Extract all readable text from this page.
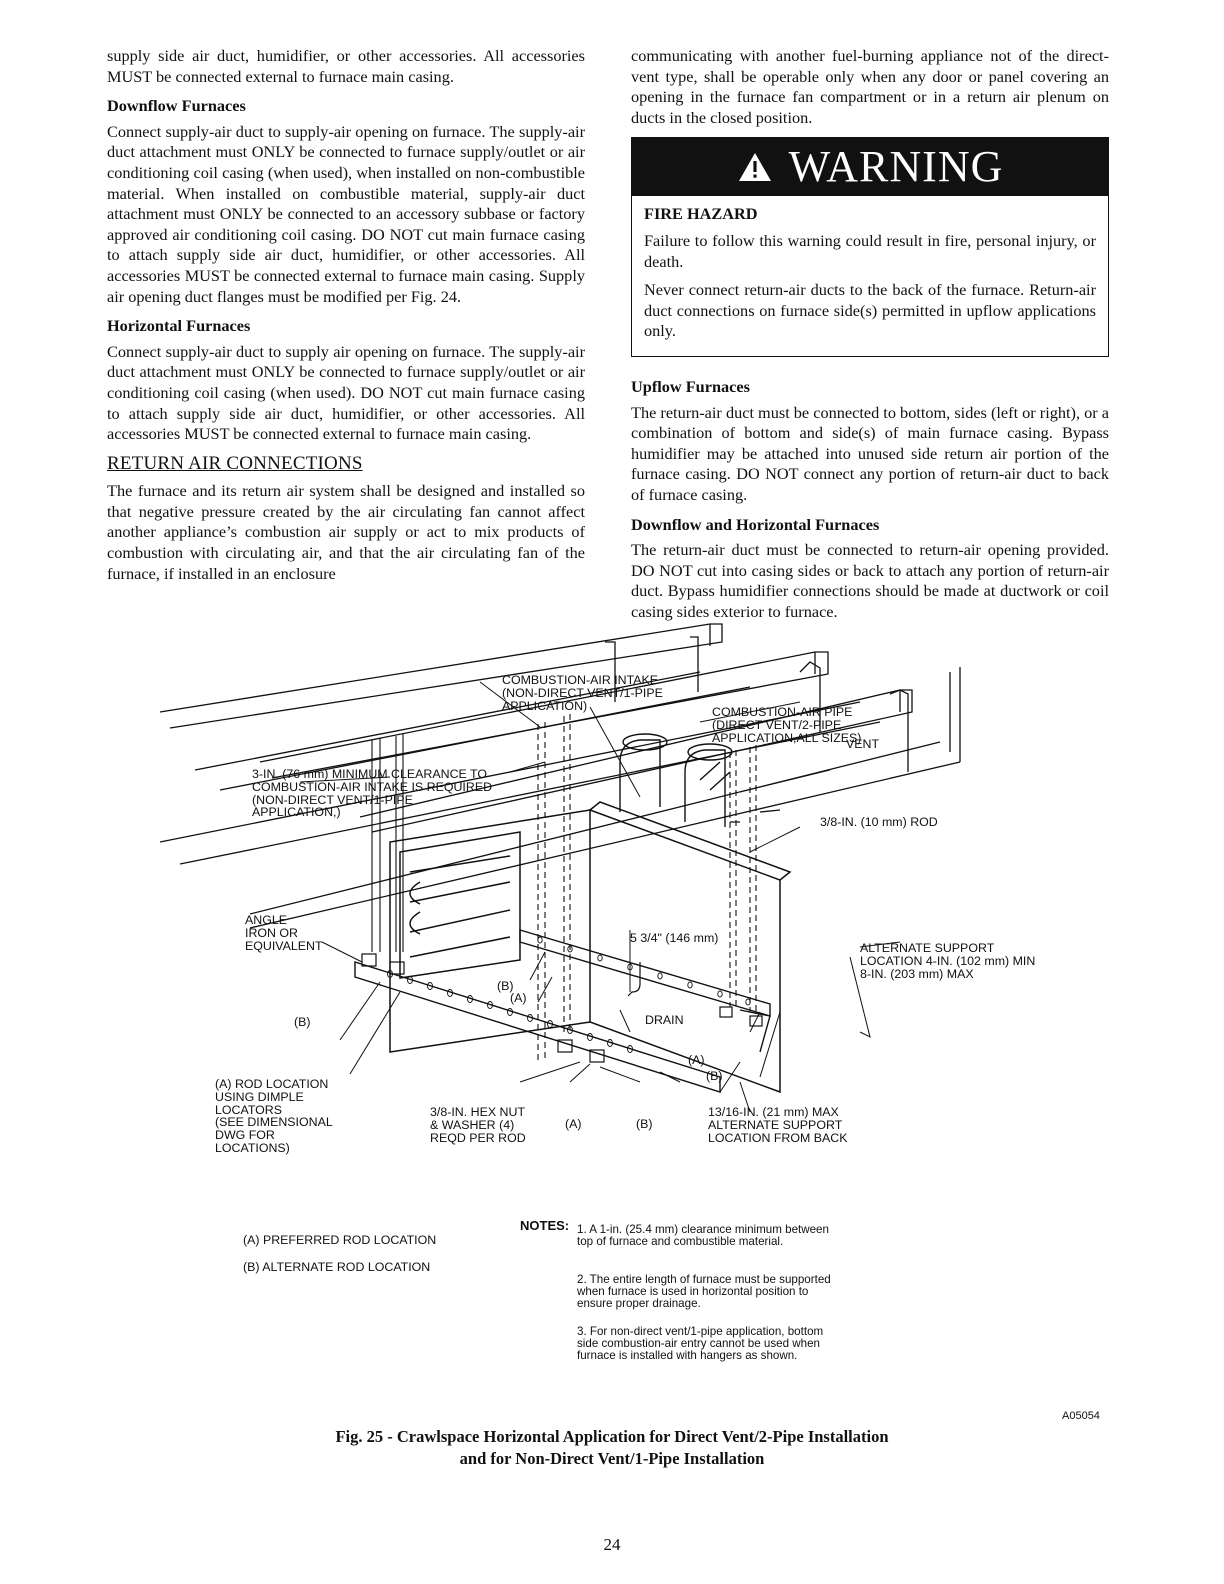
supply side air duct, humidifier, or other accessories. All accessories MUST be connected external to furnace main casing.

Downflow Furnaces

Connect supply-air duct to supply-air opening on furnace. The supply-air duct attachment must ONLY be connected to furnace supply/outlet or air conditioning coil casing (when used), when installed on non-combustible material. When installed on combustible material, supply-air duct attachment must ONLY be connected to an accessory subbase or factory approved air conditioning coil casing. DO NOT cut main furnace casing to attach supply side air duct, humidifier, or other accessories. All accessories MUST be connected external to furnace main casing. Supply air opening duct flanges must be modified per Fig. 24.

Horizontal Furnaces

Connect supply-air duct to supply air opening on furnace. The supply-air duct attachment must ONLY be connected to furnace supply/outlet or air conditioning coil casing (when used). DO NOT cut main furnace casing to attach supply side air duct, humidifier, or other accessories. All accessories MUST be connected external to furnace main casing.

RETURN AIR CONNECTIONS

The furnace and its return air system shall be designed and installed so that negative pressure created by the air circulating fan cannot affect another appliance’s combustion air supply or act to mix products of combustion with circulating air, and that the air circulating fan of the furnace, if installed in an enclosure

communicating with another fuel-burning appliance not of the direct-vent type, shall be operable only when any door or panel covering an opening in the furnace fan compartment or in a return air plenum on ducts in the closed position.

WARNING
FIRE HAZARD

Failure to follow this warning could result in fire, personal injury, or death.

Never connect return-air ducts to the back of the furnace. Return-air duct connections on furnace side(s) permitted in upflow applications only.

Upflow Furnaces

The return-air duct must be connected to bottom, sides (left or right), or a combination of bottom and side(s) of main furnace casing. Bypass humidifier may be attached into unused side return air portion of the furnace casing. DO NOT connect any portion of return-air duct to back of furnace casing.

Downflow and Horizontal Furnaces

The return-air duct must be connected to return-air opening provided. DO NOT cut into casing sides or back to attach any portion of return-air duct. Bypass humidifier connections should be made at ductwork or coil casing sides exterior to furnace.

COMBUSTION-AIR INTAKE
(NON-DIRECT VENT/1-PIPE
APPLICATION)	COMBUSTION-AIR PIPE
(DIRECT VENT/2-PIPE
APPLICATION,ALL SIZES)
VENT
3-IN. (76 mm) MINIMUM CLEARANCE TO
COMBUSTION-AIR INTAKE IS REQUIRED
(NON-DIRECT VENT/1-PIPE
APPLICATION,)
3/8-IN. (10 mm) ROD
ANGLE
IRON OR
EQUIVALENT
5 3/4" (146 mm)
(B)
(A)
DRAIN
ALTERNATE SUPPORT
LOCATION 4-IN. (102 mm) MIN
8-IN. (203 mm) MAX
(B)
(A)
(B)
(A) ROD LOCATION
USING DIMPLE
LOCATORS
(SEE DIMENSIONAL
DWG FOR
LOCATIONS)
3/8-IN. HEX NUT
& WASHER (4)
REQD PER ROD
(A)	(B)
13/16-IN. (21 mm) MAX
ALTERNATE SUPPORT
LOCATION FROM BACK
(A) PREFERRED ROD LOCATION
(B) ALTERNATE ROD LOCATION
NOTES: 1. A 1-in. (25.4 mm) clearance minimum between top of furnace and combustible material.
2. The entire length of furnace must be supported when furnace is used in horizontal position to ensure proper drainage.
3. For non-direct vent/1-pipe application, bottom side combustion-air entry cannot be used when furnace is installed with hangers as shown.
A05054
Fig. 25 - Crawlspace Horizontal Application for Direct Vent/2-Pipe Installation
and for Non-Direct Vent/1-Pipe Installation
24
